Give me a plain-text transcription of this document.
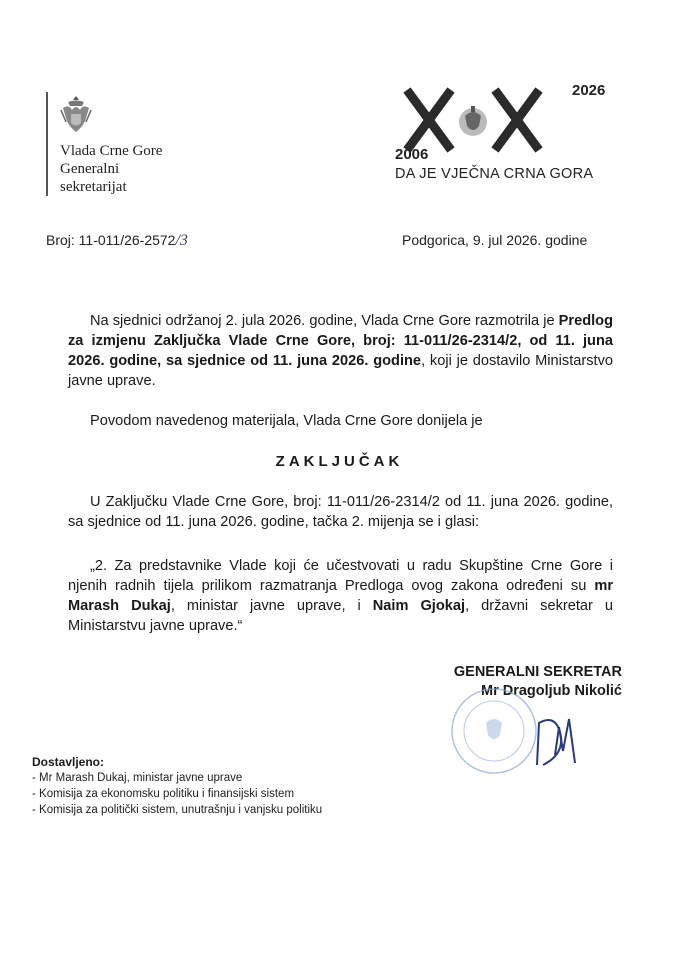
Vlada Crne Gore
Generalni
sekretarijat
2006
2026
DA JE VJEČNA CRNA GORA
Broj: 11-011/26-2572/3	Podgorica, 9. jul 2026. godine
Na sjednici održanoj 2. jula 2026. godine, Vlada Crne Gore razmotrila je Predlog za izmjenu Zaključka Vlade Crne Gore, broj: 11-011/26-2314/2, od 11. juna 2026. godine, sa sjednice od 11. juna 2026. godine, koji je dostavilo Ministarstvo javne uprave.
Povodom navedenog materijala, Vlada Crne Gore donijela je
ZAKLJUČAK
U Zaključku Vlade Crne Gore, broj: 11-011/26-2314/2 od 11. juna 2026. godine, sa sjednice od 11. juna 2026. godine, tačka 2. mijenja se i glasi:
„2. Za predstavnike Vlade koji će učestvovati u radu Skupštine Crne Gore i njenih radnih tijela prilikom razmatranja Predloga ovog zakona određeni su mr Marash Dukaj, ministar javne uprave, i Naim Gjokaj, državni sekretar u Ministarstvu javne uprave.“
GENERALNI SEKRETAR
Mr Dragoljub Nikolić
Dostavljeno:
- Mr Marash Dukaj, ministar javne uprave
- Komisija za ekonomsku politiku i finansijski sistem
- Komisija za politički sistem, unutrašnju i vanjsku politiku
